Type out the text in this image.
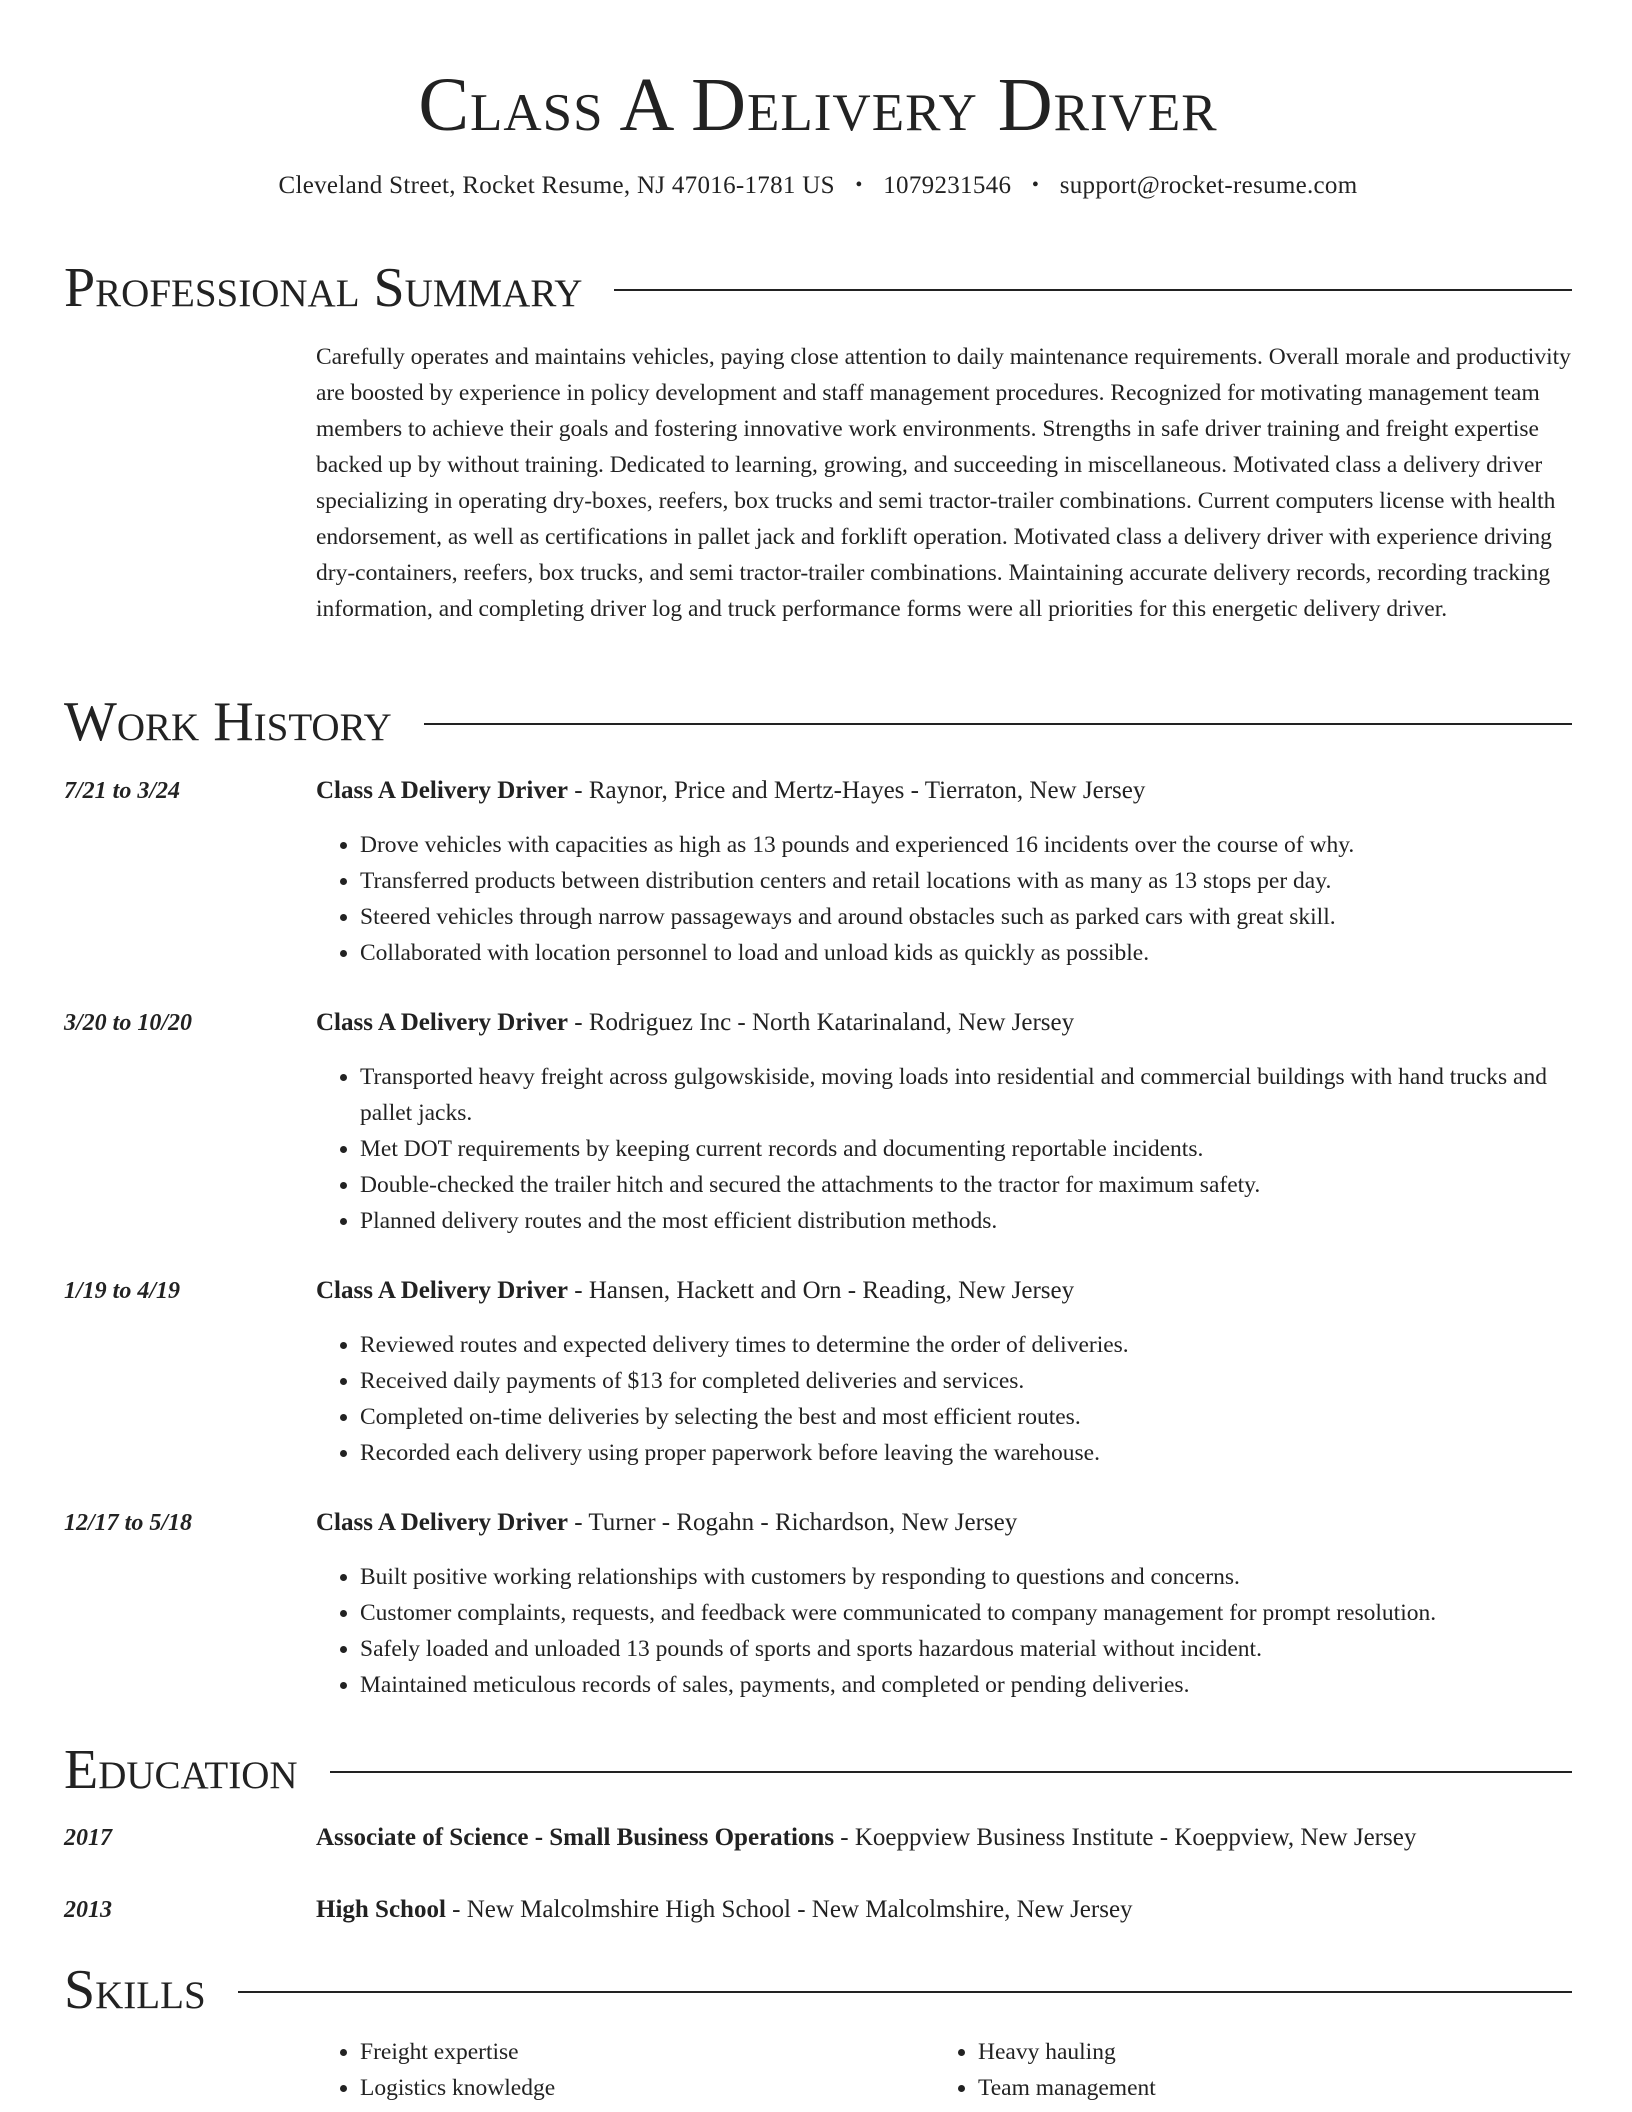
Class A Delivery Driver
Cleveland Street, Rocket Resume, NJ 47016-1781 US • 1079231546 • support@rocket-resume.com
Professional Summary

Carefully operates and maintains vehicles, paying close attention to daily maintenance requirements. Overall morale and productivity are boosted by experience in policy development and staff management procedures. Recognized for motivating management team members to achieve their goals and fostering innovative work environments. Strengths in safe driver training and freight expertise backed up by without training. Dedicated to learning, growing, and succeeding in miscellaneous. Motivated class a delivery driver specializing in operating dry-boxes, reefers, box trucks and semi tractor-trailer combinations. Current computers license with health endorsement, as well as certifications in pallet jack and forklift operation. Motivated class a delivery driver with experience driving dry-containers, reefers, box trucks, and semi tractor-trailer combinations. Maintaining accurate delivery records, recording tracking information, and completing driver log and truck performance forms were all priorities for this energetic delivery driver.

Work History
7/21 to 3/24	Class A Delivery Driver - Raynor, Price and Mertz-Hayes - Tierraton, New Jersey
• Drove vehicles with capacities as high as 13 pounds and experienced 16 incidents over the course of why.
• Transferred products between distribution centers and retail locations with as many as 13 stops per day.
• Steered vehicles through narrow passageways and around obstacles such as parked cars with great skill.
• Collaborated with location personnel to load and unload kids as quickly as possible.
3/20 to 10/20	Class A Delivery Driver - Rodriguez Inc - North Katarinaland, New Jersey
• Transported heavy freight across gulgowskiside, moving loads into residential and commercial buildings with hand trucks and pallet jacks.
• Met DOT requirements by keeping current records and documenting reportable incidents.
• Double-checked the trailer hitch and secured the attachments to the tractor for maximum safety.
• Planned delivery routes and the most efficient distribution methods.
1/19 to 4/19	Class A Delivery Driver - Hansen, Hackett and Orn - Reading, New Jersey
• Reviewed routes and expected delivery times to determine the order of deliveries.
• Received daily payments of $13 for completed deliveries and services.
• Completed on-time deliveries by selecting the best and most efficient routes.
• Recorded each delivery using proper paperwork before leaving the warehouse.
12/17 to 5/18	Class A Delivery Driver - Turner - Rogahn - Richardson, New Jersey
• Built positive working relationships with customers by responding to questions and concerns.
• Customer complaints, requests, and feedback were communicated to company management for prompt resolution.
• Safely loaded and unloaded 13 pounds of sports and sports hazardous material without incident.
• Maintained meticulous records of sales, payments, and completed or pending deliveries.
Education
2017	Associate of Science - Small Business Operations - Koeppview Business Institute - Koeppview, New Jersey
2013	High School - New Malcolmshire High School - New Malcolmshire, New Jersey
Skills
• Freight expertise
• Logistics knowledge
• Heavy hauling
• Team management
